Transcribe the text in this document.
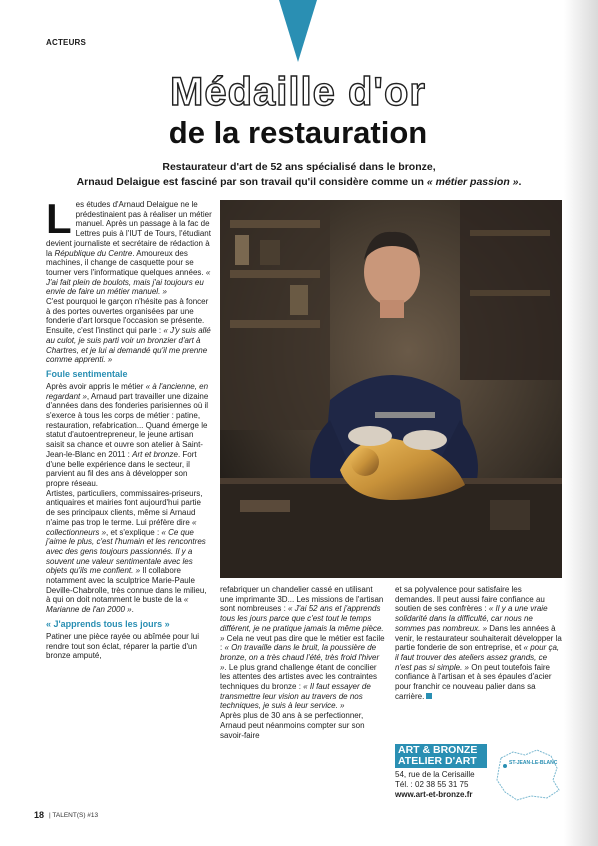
ACTEURS
Médaille d'or
de la restauration
Restaurateur d'art de 52 ans spécialisé dans le bronze,
Arnaud Delaigue est fasciné par son travail qu'il considère comme un « métier passion ».

Les études d'Arnaud Delaigue ne le prédestinaient pas à réaliser un métier manuel. Après un passage à la fac de Lettres puis à l'IUT de Tours, l'étudiant devient journaliste et secrétaire de rédaction à la République du Centre. Amoureux des machines, il change de casquette pour se tourner vers l'informatique quelques années. « J'ai fait plein de boulots, mais j'ai toujours eu envie de faire un métier manuel. »

C'est pourquoi le garçon n'hésite pas à foncer à des portes ouvertes organisées par une fonderie d'art lorsque l'occasion se présente. Ensuite, c'est l'instinct qui parle : « J'y suis allé au culot, je suis parti voir un bronzier d'art à Chartres, et je lui ai demandé qu'il me prenne comme apprenti. »

Foule sentimentale

Après avoir appris le métier « à l'ancienne, en regardant », Arnaud part travailler une dizaine d'années dans des fonderies parisiennes où il s'exerce à tous les corps de métier : patine, restauration, refabrication... Quand émerge le statut d'autoentrepreneur, le jeune artisan saisit sa chance et ouvre son atelier à Saint-Jean-le-Blanc en 2011 : Art et bronze. Fort d'une belle expérience dans le secteur, il parvient au fil des ans à développer son propre réseau.

Artistes, particuliers, commissaires-priseurs, antiquaires et mairies font aujourd'hui partie de ses principaux clients, même si Arnaud n'aime pas trop le terme. Lui préfère dire « collectionneurs », et s'explique : « Ce que j'aime le plus, c'est l'humain et les rencontres avec des gens toujours passionnés. Il y a souvent une valeur sentimentale avec les objets qu'ils me confient. » Il collabore notamment avec la sculptrice Marie-Paule Deville-Chabrolle, très connue dans le milieu, à qui on doit notamment le buste de la « Marianne de l'an 2000 ».

« J'apprends tous les jours »

Patiner une pièce rayée ou abîmée pour lui rendre tout son éclat, réparer la partie d'un bronze amputé,

refabriquer un chandelier cassé en utilisant une imprimante 3D... Les missions de l'artisan sont nombreuses : « J'ai 52 ans et j'apprends tous les jours parce que c'est tout le temps différent, je ne pratique jamais la même pièce. » Cela ne veut pas dire que le métier est facile : « On travaille dans le bruit, la poussière de bronze, on a très chaud l'été, très froid l'hiver ». Le plus grand challenge étant de concilier les attentes des artistes avec les contraintes techniques du bronze : « Il faut essayer de transmettre leur vision au travers de nos techniques, je suis à leur service. »

Après plus de 30 ans à se perfectionner, Arnaud peut néanmoins compter sur son savoir-faire

et sa polyvalence pour satisfaire les demandes. Il peut aussi faire confiance au soutien de ses confrères : « Il y a une vraie solidarité dans la difficulté, car nous ne sommes pas nombreux. » Dans les années à venir, le restaurateur souhaiterait développer la partie fonderie de son entreprise, et « pour ça, il faut trouver des ateliers assez grands, ce n'est pas si simple. » On peut toutefois faire confiance à l'artisan et à ses épaules d'acier pour franchir ce nouveau palier dans sa carrière.

ART & BRONZE
ATELIER D'ART
54, rue de la Cerisaille
Tél. : 02 38 55 31 75
www.art-et-bronze.fr
ST-JEAN-LE-BLANC
18 | TALENT(S) #13
